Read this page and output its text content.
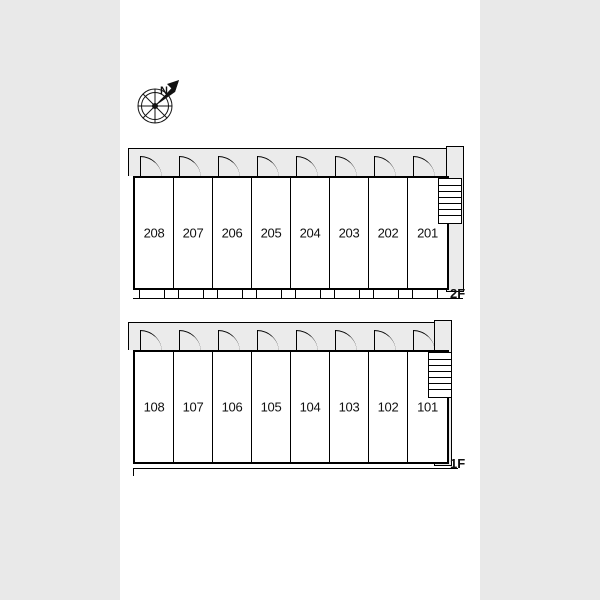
N
208	207	206	205	204	203	202	201
2F
108	107	106	105	104	103	102	101
1F
